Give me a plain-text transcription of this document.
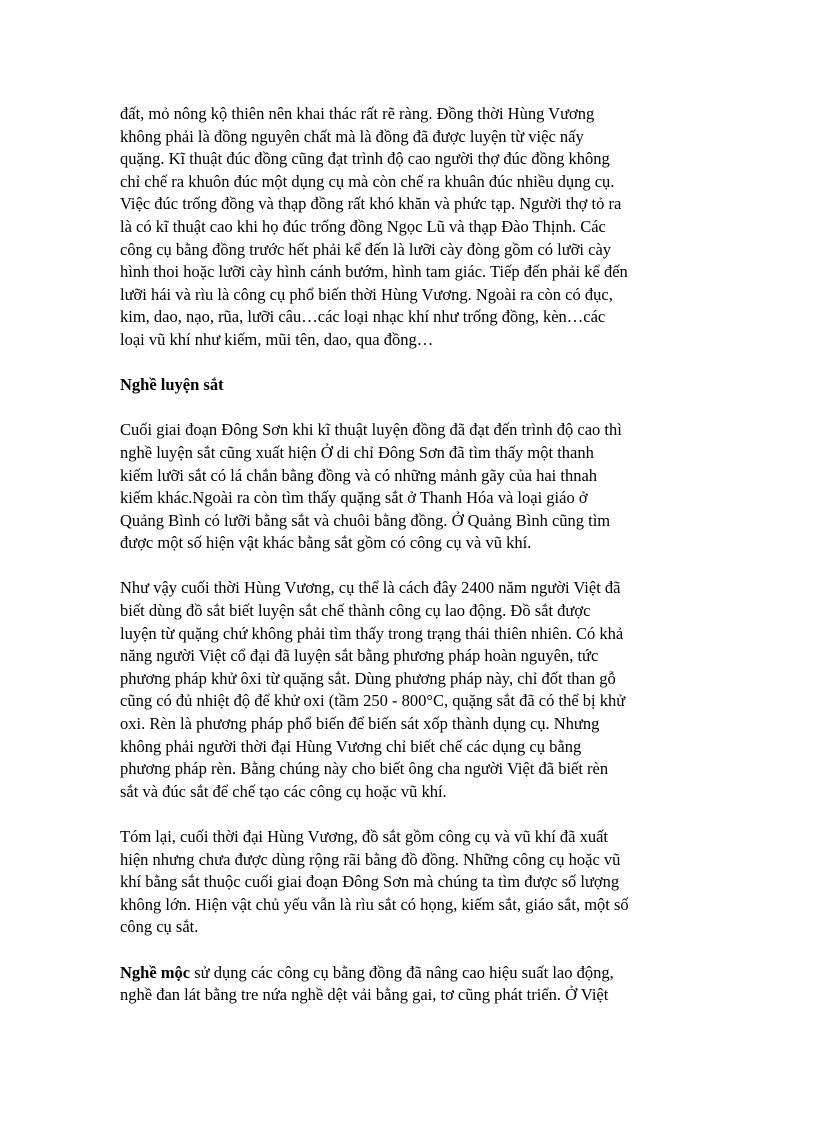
đất, mỏ nông kộ thiên nên khai thác rất rẽ ràng. Đồng thời Hùng Vương
không phải là đồng nguyên chất mà là đồng đã được luyện từ việc nấy
quặng. Kĩ thuật đúc đồng cũng đạt trình độ cao người thợ đúc đồng không
chỉ chế ra khuôn đúc một dụng cụ mà còn chế ra khuân đúc nhiều dụng cụ.
Việc đúc trống đồng và thạp đồng rất khó khăn và phức tạp. Người thợ tỏ ra
là có kĩ thuật cao khi họ đúc trống đồng Ngọc Lũ và thạp Đào Thịnh. Các
công cụ bằng đồng trước hết phải kể đến là lưỡi cày đòng gồm có lưỡi cày
hình thoi hoặc lưỡi cày hình cánh bướm, hình tam giác. Tiếp đến phải kể đến
lưỡi hái và rìu là công cụ phổ biến thời Hùng Vương. Ngoài ra còn có đục,
kim, dao, nạo, rũa, lưỡi câu…các loại nhạc khí như trống đồng, kèn…các
loại vũ khí như kiếm, mũi tên, dao, qua đồng…

Nghề luyện sắt

Cuối giai đoạn Đông Sơn khi kĩ thuật luyện đồng đã đạt đến trình độ cao thì
nghề luyện sắt cũng xuất hiện Ở di chỉ Đông Sơn đã tìm thấy một thanh
kiếm lưỡi sắt có lá chắn bằng đồng và có những mảnh gãy của hai thnah
kiếm khác.Ngoài ra còn tìm thấy quặng sắt ở Thanh Hóa và loại giáo ở
Quảng Bình có lưỡi bằng sắt và chuôi bằng đồng. Ở Quảng Bình cũng tìm
được một số hiện vật khác bằng sắt gồm có công cụ và vũ khí.

Như vậy cuối thời Hùng Vương, cụ thể là cách đây 2400 năm người Việt đã
biết dùng đồ sắt biết luyện sắt chế thành công cụ lao động. Đồ sắt được
luyện từ quặng chứ không phải tìm thấy trong trạng thái thiên nhiên. Có khả
năng người Việt cổ đại đã luyện sắt bằng phương pháp hoàn nguyên, tức
phương pháp khử ôxi từ quặng sắt. Dùng phương pháp này, chỉ đốt than gỗ
cũng có đủ nhiệt độ để khử oxi (tầm 250 - 800°C, quặng sắt đã có thể bị khử
oxi. Rèn là phương pháp phổ biến để biến sát xốp thành dụng cụ. Nhưng
không phải người thời đại Hùng Vương chỉ biết chế các dụng cụ bằng
phương pháp rèn. Bằng chúng này cho biết ông cha người Việt đã biết rèn
sắt và đúc sắt để chế tạo các công cụ hoặc vũ khí.

Tóm lại, cuối thời đại Hùng Vương, đồ sắt gồm công cụ và vũ khí đã xuất
hiện nhưng chưa được dùng rộng rãi bằng đồ đồng. Những công cụ hoặc vũ
khí bằng sắt thuộc cuối giai đoạn Đông Sơn mà chúng ta tìm được số lượng
không lớn. Hiện vật chủ yếu vẫn là rìu sắt có họng, kiếm sắt, giáo sắt, một số
công cụ sắt.

Nghề mộc sử dụng các công cụ bằng đồng đã nâng cao hiệu suất lao động,
nghề đan lát bằng tre nứa nghề dệt vải bằng gai, tơ cũng phát triển. Ở Việt
